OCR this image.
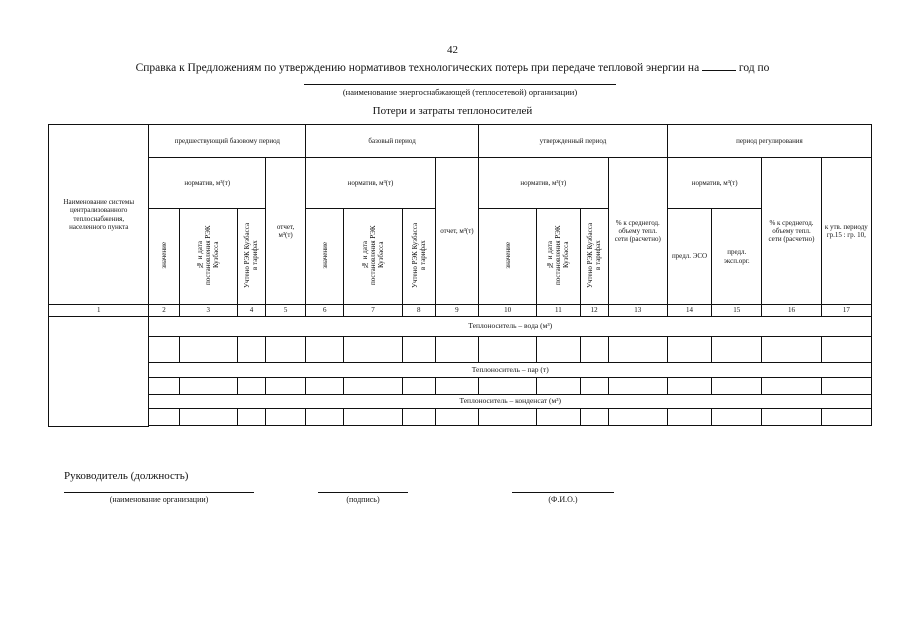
42
Справка к Предложениям по утверждению нормативов технологических потерь при передаче тепловой энергии на	год по
(наименование энергоснабжающей (теплосетевой) организации)
Потери и затраты теплоносителей
Наименование системы централизованного теплоснабжения, населенного пункта	предшествующий базовому период				базовый период				утвержденный период				период регулирования			
	норматив, м³(т)			отчет, м³(т)	норматив, м³(т)			отчет, м³(т)	норматив, м³(т)			% к среднегод. объему тепл. сети (расчетно)	норматив, м³(т)		% к среднегод. объему тепл. сети (расчетно)	к утв. периоду гр.15 : гр. 10,
	значение	№ и дата постановления РЭК Кузбасса	Учтено РЭК Кузбасса в тарифах		значение	№ и дата постановления РЭК Кузбасса	Учтено РЭК Кузбасса в тарифах		значение	№ и дата постановления РЭК Кузбасса	Учтено РЭК Кузбасса в тарифах		предл. ЭСО	предл. эксп.орг.		
1	2	3	4	5	6	7	8	9	10	11	12	13	14	15	16	17
	Теплоноситель – вода (м³)															

	Теплоноситель – пар (т)															

	Теплоноситель – конденсат (м³)															

Руководитель (должность)
(наименование организации)	(подпись)	(Ф.И.О.)
